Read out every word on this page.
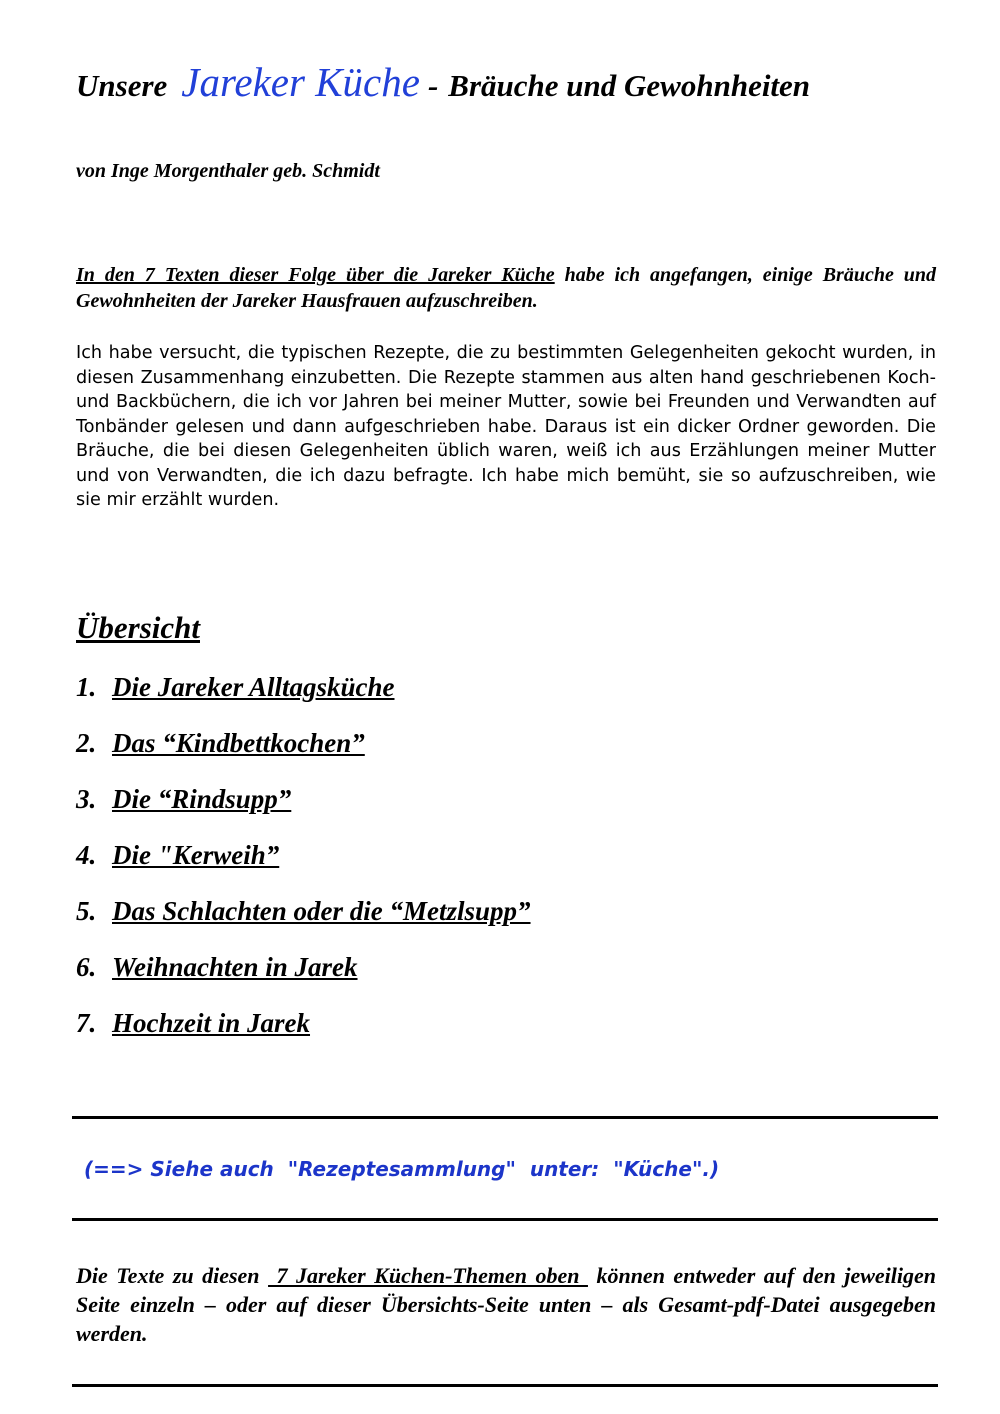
Unsere Jareker Küche - Bräuche und Gewohnheiten

von Inge Morgenthaler geb. Schmidt

In den 7 Texten dieser Folge über die Jareker Küche habe ich angefangen, einige Bräuche und Gewohnheiten der Jareker Hausfrauen aufzuschreiben.

Ich habe versucht, die typischen Rezepte, die zu bestimmten Gelegenheiten gekocht wurden, in diesen Zusammenhang einzubetten. Die Rezepte stammen aus alten hand geschriebenen Koch- und Backbüchern, die ich vor Jahren bei meiner Mutter, sowie bei Freunden und Verwandten auf Tonbänder gelesen und dann aufgeschrieben habe. Daraus ist ein dicker Ordner geworden. Die Bräuche, die bei diesen Gelegenheiten üblich waren, weiß ich aus Erzählungen meiner Mutter und von Verwandten, die ich dazu befragte. Ich habe mich bemüht, sie so aufzuschreiben, wie sie mir erzählt wurden.

Übersicht
1. Die Jareker Alltagsküche
2. Das “Kindbettkochen”
3. Die “Rindsupp”
4. Die "Kerweih”
5. Das Schlachten oder die “Metzlsupp”
6. Weihnachten in Jarek
7. Hochzeit in Jarek

(==> Siehe auch  "Rezeptesammlung"  unter:  "Küche".)

Die Texte zu diesen  7 Jareker Küchen-Themen oben  können entweder auf den jeweiligen Seite einzeln – oder auf dieser Übersichts-Seite unten – als Gesamt-pdf-Datei ausgegeben werden.
